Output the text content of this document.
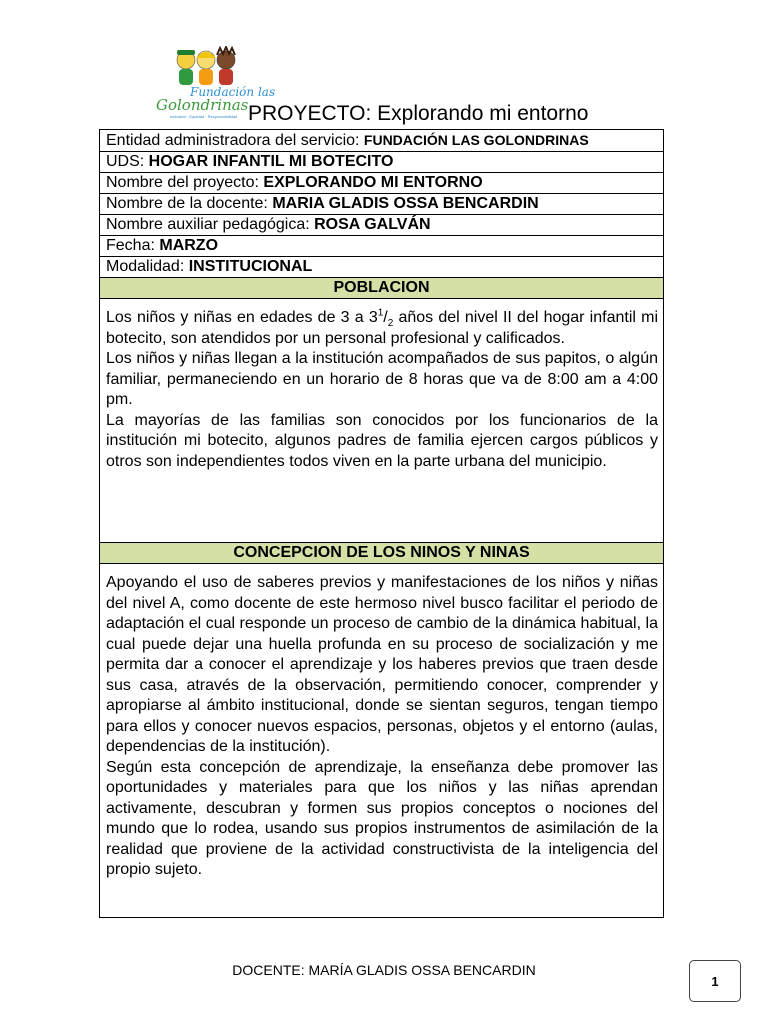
Fundación las
Golondrinas
Inclusión · Equidad · Responsabilidad PROYECTO: Explorando mi entorno
Entidad administradora del servicio: FUNDACIÓN LAS GOLONDRINAS
UDS: HOGAR INFANTIL MI BOTECITO
Nombre del proyecto: EXPLORANDO MI ENTORNO
Nombre de la docente: MARIA GLADIS OSSA BENCARDIN
Nombre auxiliar pedagógica: ROSA GALVÁN
Fecha: MARZO
Modalidad: INSTITUCIONAL
POBLACION

Los niños y niñas en edades de 3 a $3^1/_2$ años del nivel II del hogar infantil mi botecito, son atendidos por un personal profesional y calificados.

Los niños y niñas llegan a la institución acompañados de sus papitos, o algún familiar, permaneciendo en un horario de 8 horas que va de 8:00 am a 4:00 pm.

La mayorías de las familias son conocidos por los funcionarios de la institución mi botecito, algunos padres de familia ejercen cargos públicos y otros son independientes todos viven en la parte urbana del municipio.

CONCEPCION DE LOS NINOS Y NINAS

Apoyando el uso de saberes previos y manifestaciones de los niños y niñas del nivel A, como docente de este hermoso nivel busco facilitar el periodo de adaptación el cual responde un proceso de cambio de la dinámica habitual, la cual puede dejar una huella profunda en su proceso de socialización y me permita dar a conocer el aprendizaje y los haberes previos que traen desde sus casa, através de la observación, permitiendo conocer, comprender y apropiarse al ámbito institucional, donde se sientan seguros, tengan tiempo para ellos y conocer nuevos espacios, personas, objetos y el entorno (aulas, dependencias de la institución).

Según esta concepción de aprendizaje, la enseñanza debe promover las oportunidades y materiales para que los niños y las niñas aprendan activamente, descubran y formen sus propios conceptos o nociones del mundo que lo rodea, usando sus propios instrumentos de asimilación de la realidad que proviene de la actividad constructivista de la inteligencia del propio sujeto.

DOCENTE: MARÍA GLADIS OSSA BENCARDIN
1
